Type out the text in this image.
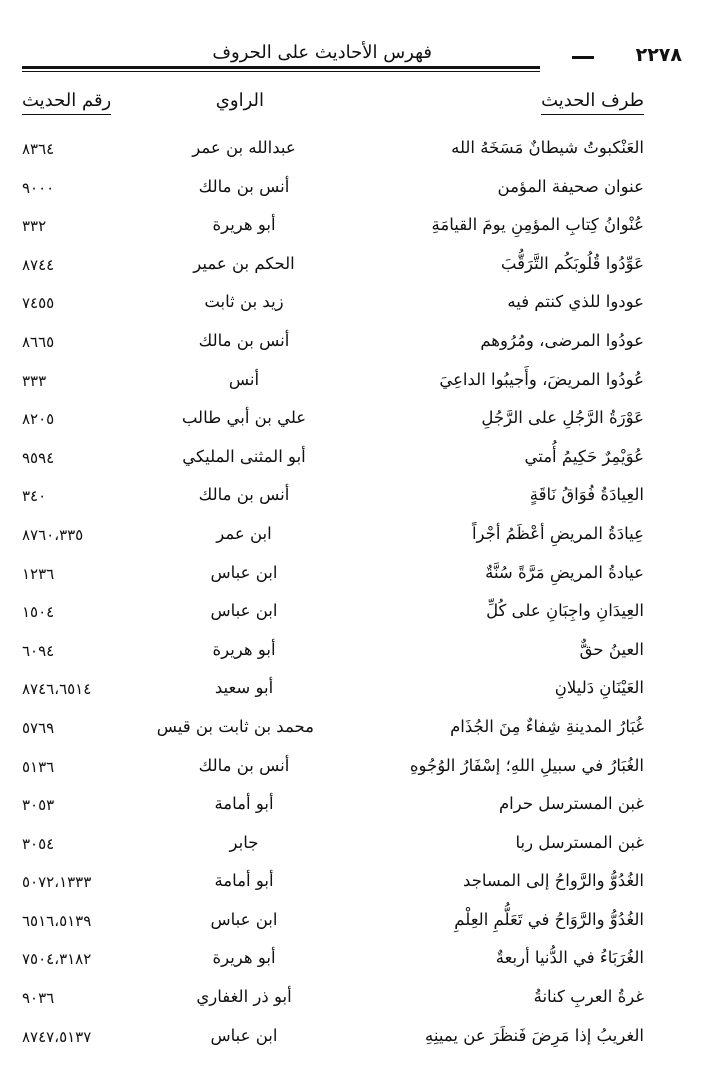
٢٢٧٨
فهرس الأحاديث على الحروف
طرف الحديث
الراوي
رقم الحديث
العَنْكبوتُ شيطانٌ مَسَخَهُ الله
عبدالله بن عمر
٨٣٦٤
عنوان صحيفة المؤمن
أنس بن مالك
٩٠٠٠
عُنْوانُ كِتابِ المؤمِنِ يومَ القيامَةِ
أبو هريرة
٣٣٢
عَوِّدُوا قُلُوبَكُم التَّرَقُّبَ
الحكم بن عمير
٨٧٤٤
عودوا للذي كنتم فيه
زيد بن ثابت
٧٤٥٥
عودُوا المرضى، ومُرُوهم
أنس بن مالك
٨٦٦٥
عُودُوا المريضَ، وأَجيبُوا الداعِيَ
أنس
٣٣٣
عَوْرَةُ الرَّجُلِ على الرَّجُلِ
علي بن أبي طالب
٨٢٠٥
عُوَيْمِرٌ حَكِيمُ أُمتي
أبو المثنى المليكي
٩٥٩٤
العِيادَةُ فُوَاقُ نَاقَةٍ
أنس بن مالك
٣٤٠
عِيادَةُ المريضِ أعْظَمُ أجْراً
ابن عمر
٨٧٦٠،٣٣٥
عيادةُ المريضِ مَرَّةً سُنَّةٌ
ابن عباس
١٢٣٦
العِيدَانِ واجِبَانِ على كُلِّ
ابن عباس
١٥٠٤
العينُ حقٌّ
أبو هريرة
٦٠٩٤
العَيْنَانِ دَليلانِ
أبو سعيد
٨٧٤٦،٦٥١٤
غُبَارُ المدينةِ شِفاءٌ مِنَ الجُذَام
محمد بن ثابت بن قيس
٥٧٦٩
الغُبَارُ في سبيلِ اللهِ؛ إسْفَارُ الوُجُوهِ
أنس بن مالك
٥١٣٦
غبن المسترسل حرام
أبو أمامة
٣٠٥٣
غبن المسترسل ربا
جابر
٣٠٥٤
الغُدُوُّ والرَّواحُ إلى المساجد
أبو أمامة
٥٠٧٢،١٣٣٣
الغُدُوُّ والرَّوَاحُ في تَعَلُّمِ العِلْمِ
ابن عباس
٦٥١٦،٥١٣٩
الغُرَبَاءُ في الدُّنيا أربعةٌ
أبو هريرة
٧٥٠٤،٣١٨٢
غرةُ العربِ كنانةُ
أبو ذر الغفاري
٩٠٣٦
الغريبُ إذا مَرِضَ فَنظَرَ عن يمينِهِ
ابن عباس
٨٧٤٧،٥١٣٧
